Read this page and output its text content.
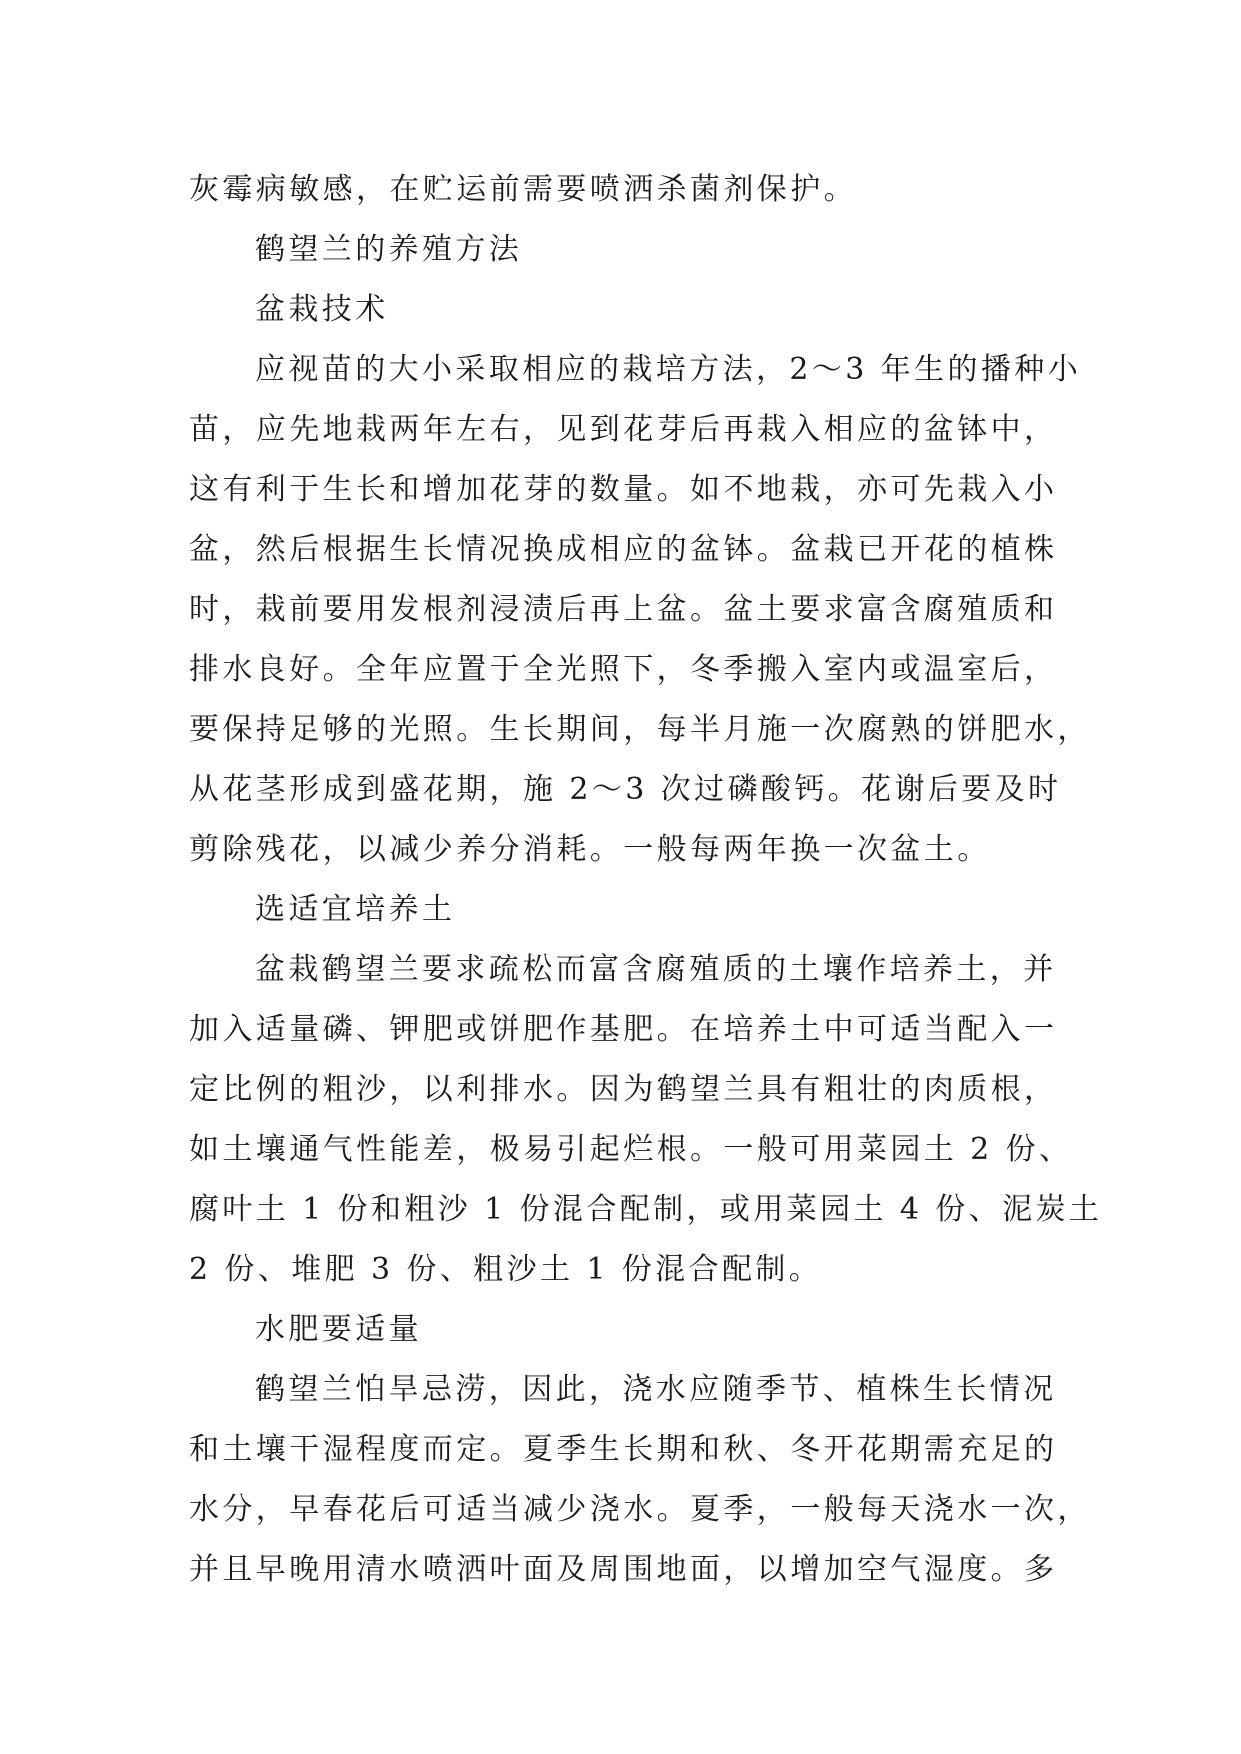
灰霉病敏感，在贮运前需要喷洒杀菌剂保护。
鹤望兰的养殖方法
盆栽技术
应视苗的大小采取相应的栽培方法，2～3 年生的播种小
苗，应先地栽两年左右，见到花芽后再栽入相应的盆钵中，
这有利于生长和增加花芽的数量。如不地栽，亦可先栽入小
盆，然后根据生长情况换成相应的盆钵。盆栽已开花的植株
时，栽前要用发根剂浸渍后再上盆。盆土要求富含腐殖质和
排水良好。全年应置于全光照下，冬季搬入室内或温室后，
要保持足够的光照。生长期间，每半月施一次腐熟的饼肥水，
从花茎形成到盛花期，施 2～3 次过磷酸钙。花谢后要及时
剪除残花，以减少养分消耗。一般每两年换一次盆土。
选适宜培养土
盆栽鹤望兰要求疏松而富含腐殖质的土壤作培养土，并
加入适量磷、钾肥或饼肥作基肥。在培养土中可适当配入一
定比例的粗沙，以利排水。因为鹤望兰具有粗壮的肉质根，
如土壤通气性能差，极易引起烂根。一般可用菜园土 2 份、
腐叶土 1 份和粗沙 1 份混合配制，或用菜园土 4 份、泥炭土
2 份、堆肥 3 份、粗沙土 1 份混合配制。
水肥要适量
鹤望兰怕旱忌涝，因此，浇水应随季节、植株生长情况
和土壤干湿程度而定。夏季生长期和秋、冬开花期需充足的
水分，早春花后可适当减少浇水。夏季，一般每天浇水一次，
并且早晚用清水喷洒叶面及周围地面，以增加空气湿度。多
